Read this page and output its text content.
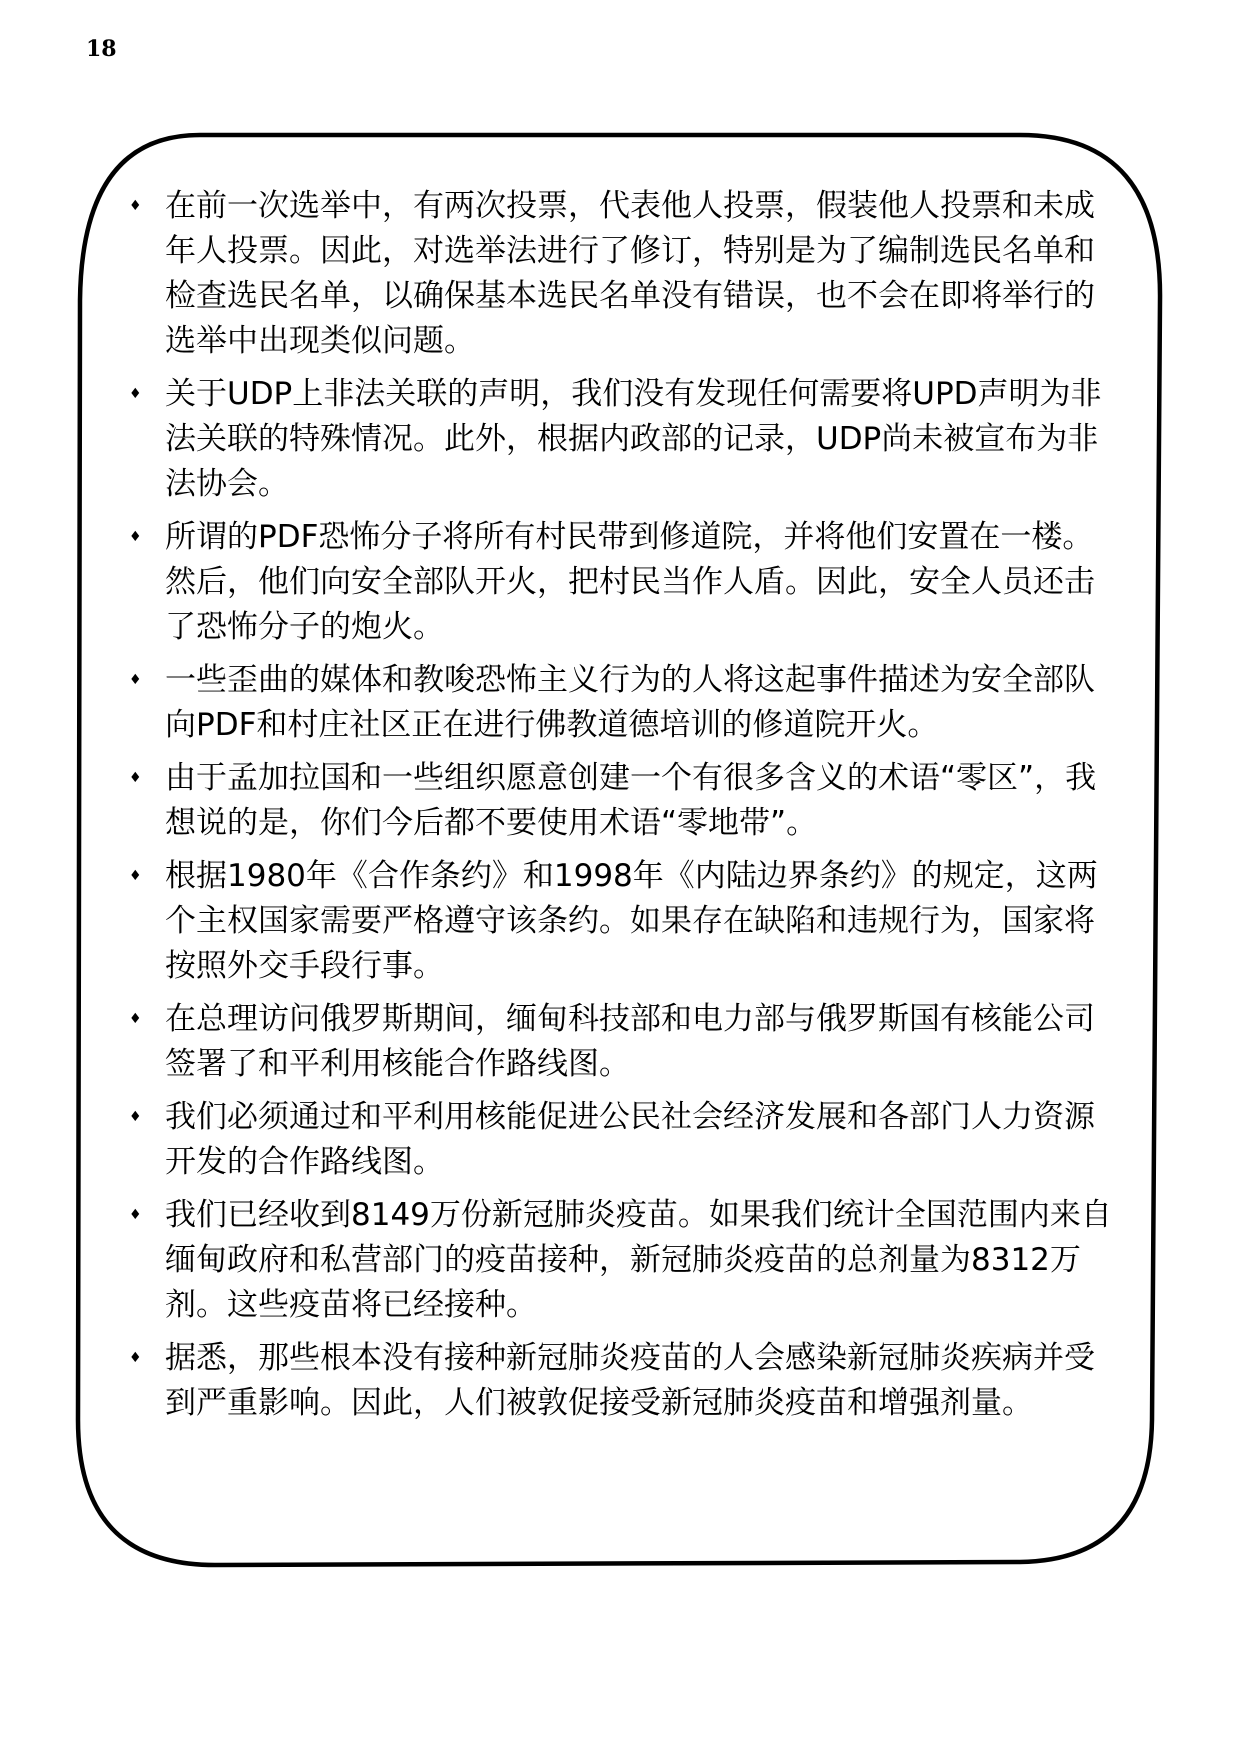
18
♦ 在前一次选举中，有两次投票，代表他人投票，假装他人投票和未成年人投票。因此，对选举法进行了修订，特别是为了编制选民名单和检查选民名单，以确保基本选民名单没有错误，也不会在即将举行的选举中出现类似问题。
♦ 关于UDP上非法关联的声明，我们没有发现任何需要将UPD声明为非法关联的特殊情况。此外，根据内政部的记录，UDP尚未被宣布为非法协会。
♦ 所谓的PDF恐怖分子将所有村民带到修道院，并将他们安置在一楼。然后，他们向安全部队开火，把村民当作人盾。因此，安全人员还击了恐怖分子的炮火。
♦ 一些歪曲的媒体和教唆恐怖主义行为的人将这起事件描述为安全部队向PDF和村庄社区正在进行佛教道德培训的修道院开火。
♦ 由于孟加拉国和一些组织愿意创建一个有很多含义的术语“零区”，我想说的是，你们今后都不要使用术语“零地带”。
♦ 根据1980年《合作条约》和1998年《内陆边界条约》的规定，这两个主权国家需要严格遵守该条约。如果存在缺陷和违规行为，国家将按照外交手段行事。
♦ 在总理访问俄罗斯期间，缅甸科技部和电力部与俄罗斯国有核能公司签署了和平利用核能合作路线图。
♦ 我们必须通过和平利用核能促进公民社会经济发展和各部门人力资源开发的合作路线图。
♦ 我们已经收到8149万份新冠肺炎疫苗。如果我们统计全国范围内来自缅甸政府和私营部门的疫苗接种，新冠肺炎疫苗的总剂量为8312万剂。这些疫苗将已经接种。
♦ 据悉，那些根本没有接种新冠肺炎疫苗的人会感染新冠肺炎疾病并受到严重影响。因此，人们被敦促接受新冠肺炎疫苗和增强剂量。
